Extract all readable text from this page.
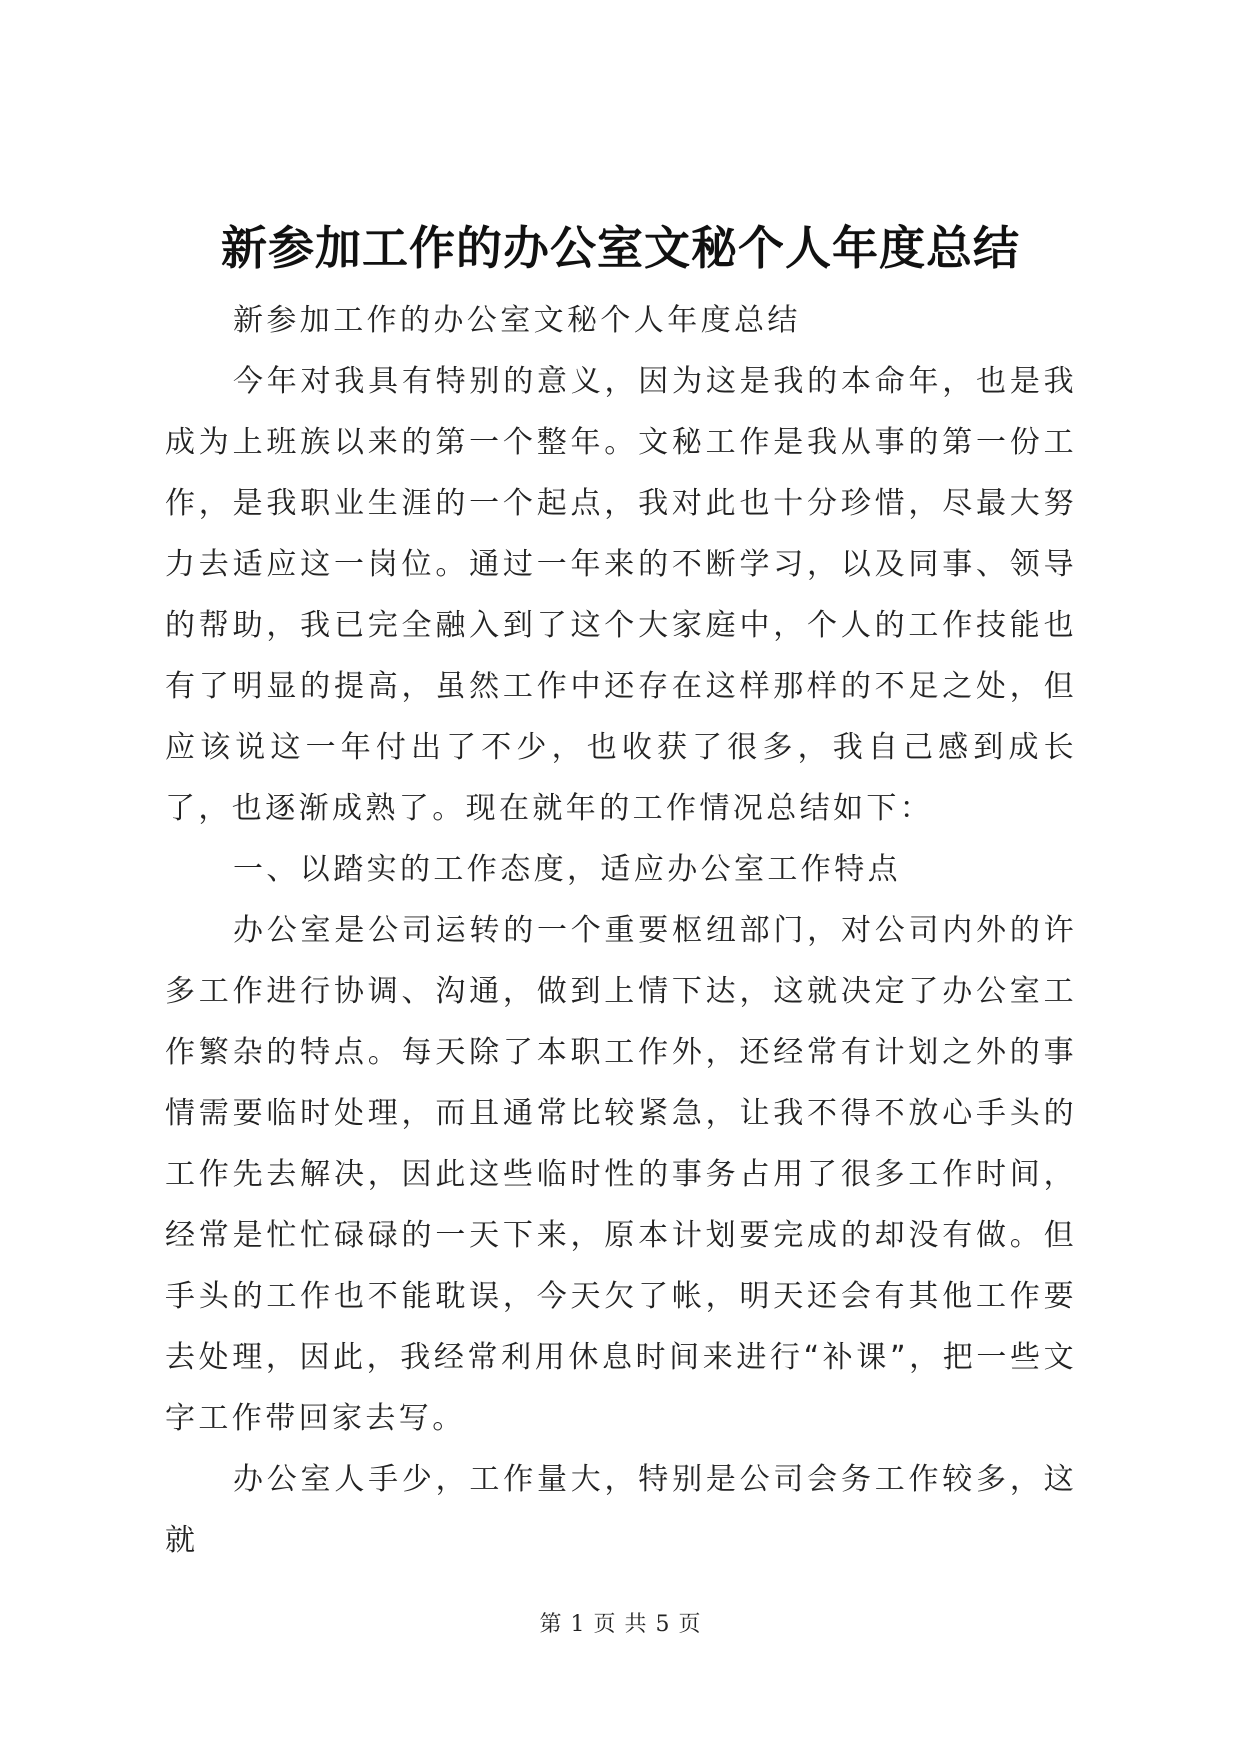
新参加工作的办公室文秘个人年度总结

新参加工作的办公室文秘个人年度总结

今年对我具有特别的意义，因为这是我的本命年，也是我成为上班族以来的第一个整年。文秘工作是我从事的第一份工作，是我职业生涯的一个起点，我对此也十分珍惜，尽最大努力去适应这一岗位。通过一年来的不断学习，以及同事、领导的帮助，我已完全融入到了这个大家庭中，个人的工作技能也有了明显的提高，虽然工作中还存在这样那样的不足之处，但应该说这一年付出了不少，也收获了很多，我自己感到成长了，也逐渐成熟了。现在就年的工作情况总结如下：

一、以踏实的工作态度，适应办公室工作特点

办公室是公司运转的一个重要枢纽部门，对公司内外的许多工作进行协调、沟通，做到上情下达，这就决定了办公室工作繁杂的特点。每天除了本职工作外，还经常有计划之外的事情需要临时处理，而且通常比较紧急，让我不得不放心手头的工作先去解决，因此这些临时性的事务占用了很多工作时间，经常是忙忙碌碌的一天下来，原本计划要完成的却没有做。但手头的工作也不能耽误，今天欠了帐，明天还会有其他工作要去处理，因此，我经常利用休息时间来进行“补课”，把一些文字工作带回家去写。

办公室人手少，工作量大，特别是公司会务工作较多，这就

第 1 页 共 5 页
